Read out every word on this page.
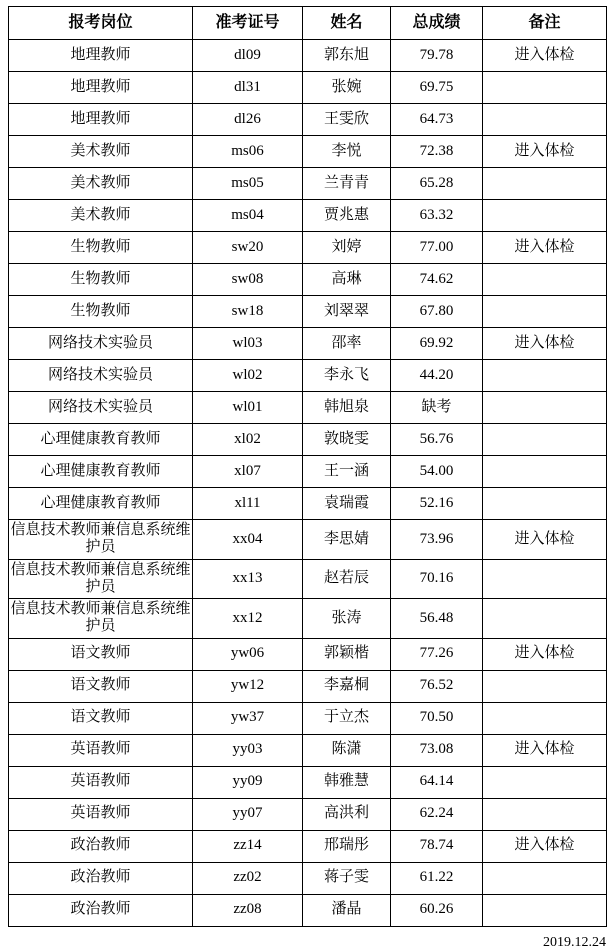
报考岗位	准考证号	姓名	总成绩	备注
地理教师	dl09	郭东旭	79.78	进入体检
地理教师	dl31	张婉	69.75	
地理教师	dl26	王雯欣	64.73	
美术教师	ms06	李悦	72.38	进入体检
美术教师	ms05	兰青青	65.28	
美术教师	ms04	贾兆惠	63.32	
生物教师	sw20	刘婷	77.00	进入体检
生物教师	sw08	高琳	74.62	
生物教师	sw18	刘翠翠	67.80	
网络技术实验员	wl03	邵率	69.92	进入体检
网络技术实验员	wl02	李永飞	44.20	
网络技术实验员	wl01	韩旭泉	缺考	
心理健康教育教师	xl02	敦晓雯	56.76	
心理健康教育教师	xl07	王一涵	54.00	
心理健康教育教师	xl11	袁瑞霞	52.16	
信息技术教师兼信息系统维护员	xx04	李思婧	73.96	进入体检
信息技术教师兼信息系统维护员	xx13	赵若辰	70.16	
信息技术教师兼信息系统维护员	xx12	张涛	56.48	
语文教师	yw06	郭颖楷	77.26	进入体检
语文教师	yw12	李嘉桐	76.52	
语文教师	yw37	于立杰	70.50	
英语教师	yy03	陈潇	73.08	进入体检
英语教师	yy09	韩雅慧	64.14	
英语教师	yy07	高洪利	62.24	
政治教师	zz14	邢瑞彤	78.74	进入体检
政治教师	zz02	蒋子雯	61.22	
政治教师	zz08	潘晶	60.26	
2019.12.24
